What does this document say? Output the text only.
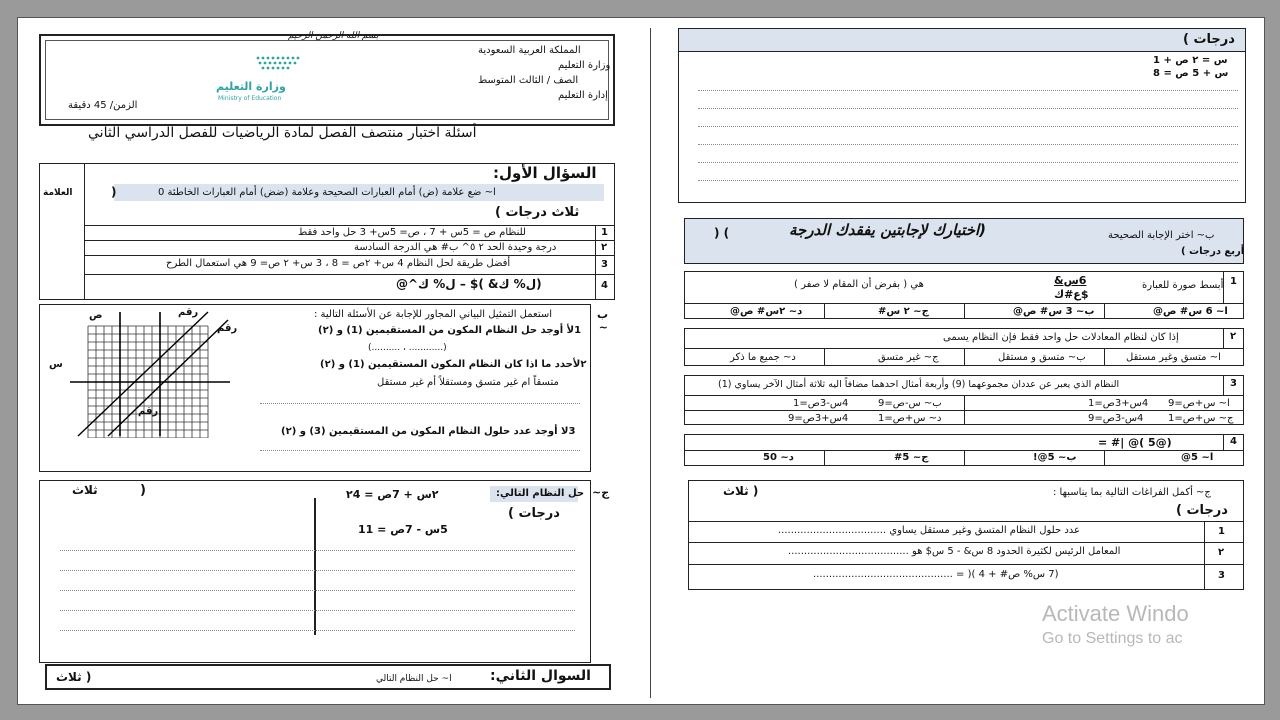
بسم الله الرحمن الرحيم
المملكة العربية السعودية
وزارة التعليم
الصف / الثالث المتوسط
إدارة التعليم
وزارة التعليم
Ministry of Education
الزمن/ 45 دقيقة
أسئلة اختبار منتصف الفصل لمادة الرياضيات للفصل الدراسي الثاني
العلامة
السؤال الأول:
ا~ ضع علامة (ض) أمام العبارات الصحيحة وعلامة (ضض) أمام العبارات الخاطئة 0
(
ثلاث درجات )
1
للنظام ص = 5س + 7 ، ص= 5س+ 3 حل واحد فقط
٢
درجة وحيدة الحد ٢ ٥^ ب# هي الدرجة السادسة
3
أفضل طريقة لحل النظام 4 س+ ٢ص = 8 ، 3 س+ ٢ ص= 9 هي استعمال الطرح
4
(ل% ك& )$ – ل% ك^@
ب ~
استعمل التمثيل البياني المجاور للإجابة عن الأسئلة التالية :
1لأ أوجد حل النظام المكون من المستقيمين (1) و (٢)
(............ ، ..........)
٢لأحدد ما اذا كان النظام المكون المستقيمين (1) و (٢)
متسقاً ام غير متسق ومستقلاً أم غير مستقل
3لا أوجد عدد حلول النظام المكون من المستقيمين (3) و (٢)
ص
س
رقم
رقم
رقم
ج~
حل النظام التالي:
٢س + 7ص = ٢4
5س - 7ص = 11
درجات )
ثلاث	(
السوال الثاني:
ا~ حل النظام التالي
( ثلاث
درجات )
س = ٢ ص + 1
س + 5 ص = 8
ب~ اختر الإجابة الصحيحة
(اختيارك لإجابتين يفقدك الدرجة
) (
أربع درجات )
1
أبسط صورة للعبارة
6س&
$ع#ك
هي ( بفرض أن المقام لا صفر )
ا~ 6 س# ص@
ب~ 3 س# ص@
ج~ ٢ س#
د~ ٢س# ص@
٢
إذا كان لنظام المعادلات حل واحد فقط فإن النظام يسمى
ا~ متسق وغير مستقل
ب~ متسق و مستقل
ج~ غير متسق
د~ جميع ما ذكر
3
النظام الذي يعبر عن عددان مجموعهما (9) وأربعة أمثال احدهما مضافاً اليه ثلاثة أمثال الآخر يساوي (1)
ا~ س+ص=9
4س+3ص=1
ب~ س-ص=9
4س-3ص=1
ج~ س+ص=1
4س-3ص=9
د~ س+ص=1
4س+3ص=9
4
(@5 )@ |# =
ا~ 5@
ب~ 5@!
ج~ 5#
د~ 50
ج~ أكمل الفراغات التالية بما يناسبها :
( ثلاث
درجات )
1
عدد حلول النظام المتسق وغير مستقل يساوي ..................................
٢
المعامل الرئيس لكثيرة الحدود 8 س& - 5 س$ هو ......................................
3
(7 س% ص# + 4 )( = ............................................
Activate Windo
Go to Settings to ac
